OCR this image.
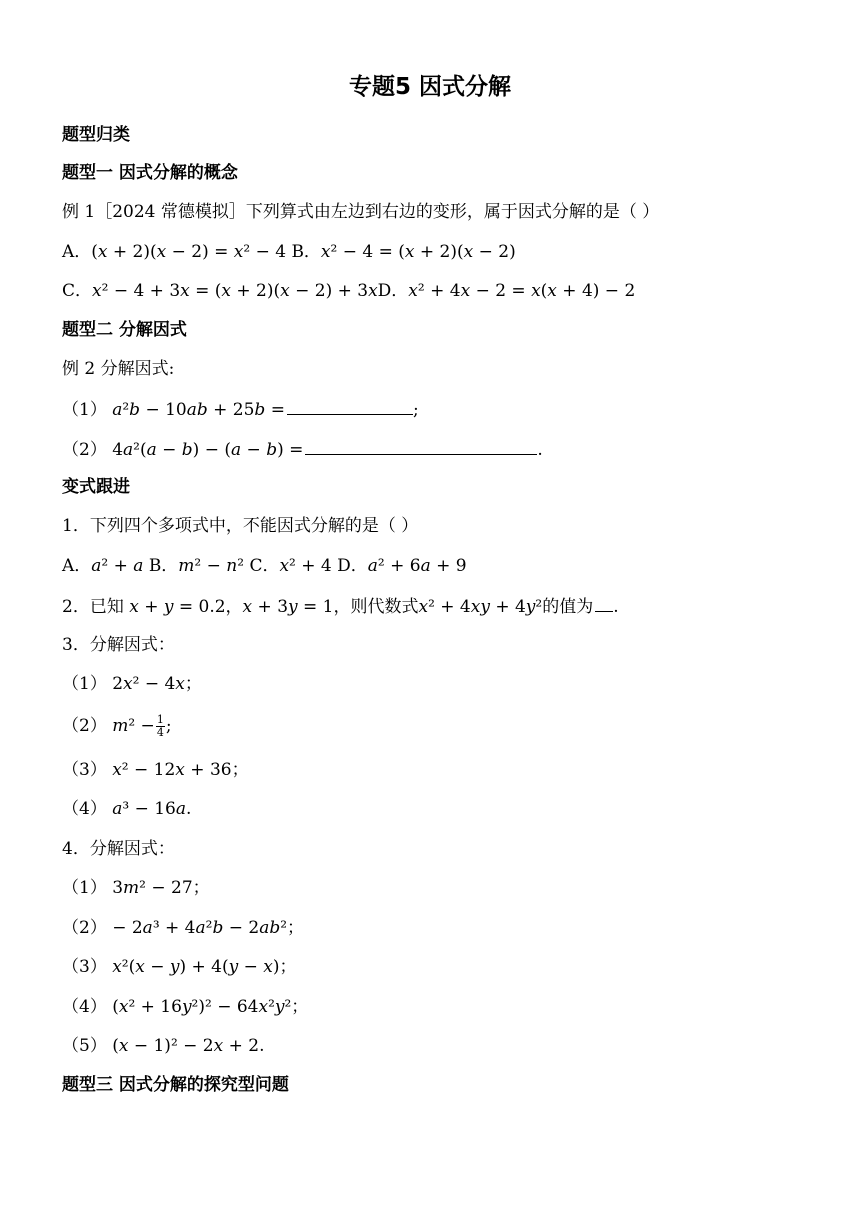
专题5 因式分解
题型归类
题型一 因式分解的概念
例 1［2024 常德模拟］下列算式由左边到右边的变形，属于因式分解的是（ ）
A．(𝑥 + 2)(𝑥 − 2) = 𝑥² − 4 B．𝑥² − 4 = (𝑥 + 2)(𝑥 − 2)
C．𝑥² − 4 + 3𝑥 = (𝑥 + 2)(𝑥 − 2) + 3𝑥D．𝑥² + 4𝑥 − 2 = 𝑥(𝑥 + 4) − 2
题型二 分解因式
例 2 分解因式:
（1） 𝑎²𝑏 − 10𝑎𝑏 + 25𝑏 =	;
（2） 4𝑎²(𝑎 − 𝑏) − (𝑎 − 𝑏) =	.
变式跟进
1．下列四个多项式中，不能因式分解的是（ ）
A．𝑎² + 𝑎 B．𝑚² − 𝑛² C．𝑥² + 4 D．𝑎² + 6𝑎 + 9
2．已知 𝑥 + 𝑦 = 0.2，𝑥 + 3𝑦 = 1，则代数式𝑥² + 4𝑥𝑦 + 4𝑦²的值为 .
3．分解因式：
（1） 2𝑥² − 4𝑥；
（2） 𝑚² − $\frac{1}{4}$ ;
（3） 𝑥² − 12𝑥 + 36；
（4） 𝑎³ − 16𝑎.
4．分解因式：
（1） 3𝑚² − 27；
（2） − 2𝑎³ + 4𝑎²𝑏 − 2𝑎𝑏²；
（3） 𝑥²(𝑥 − 𝑦) + 4(𝑦 − 𝑥)；
（4） (𝑥² + 16𝑦²)² − 64𝑥²𝑦²；
（5） (𝑥 − 1)² − 2𝑥 + 2.
题型三 因式分解的探究型问题
